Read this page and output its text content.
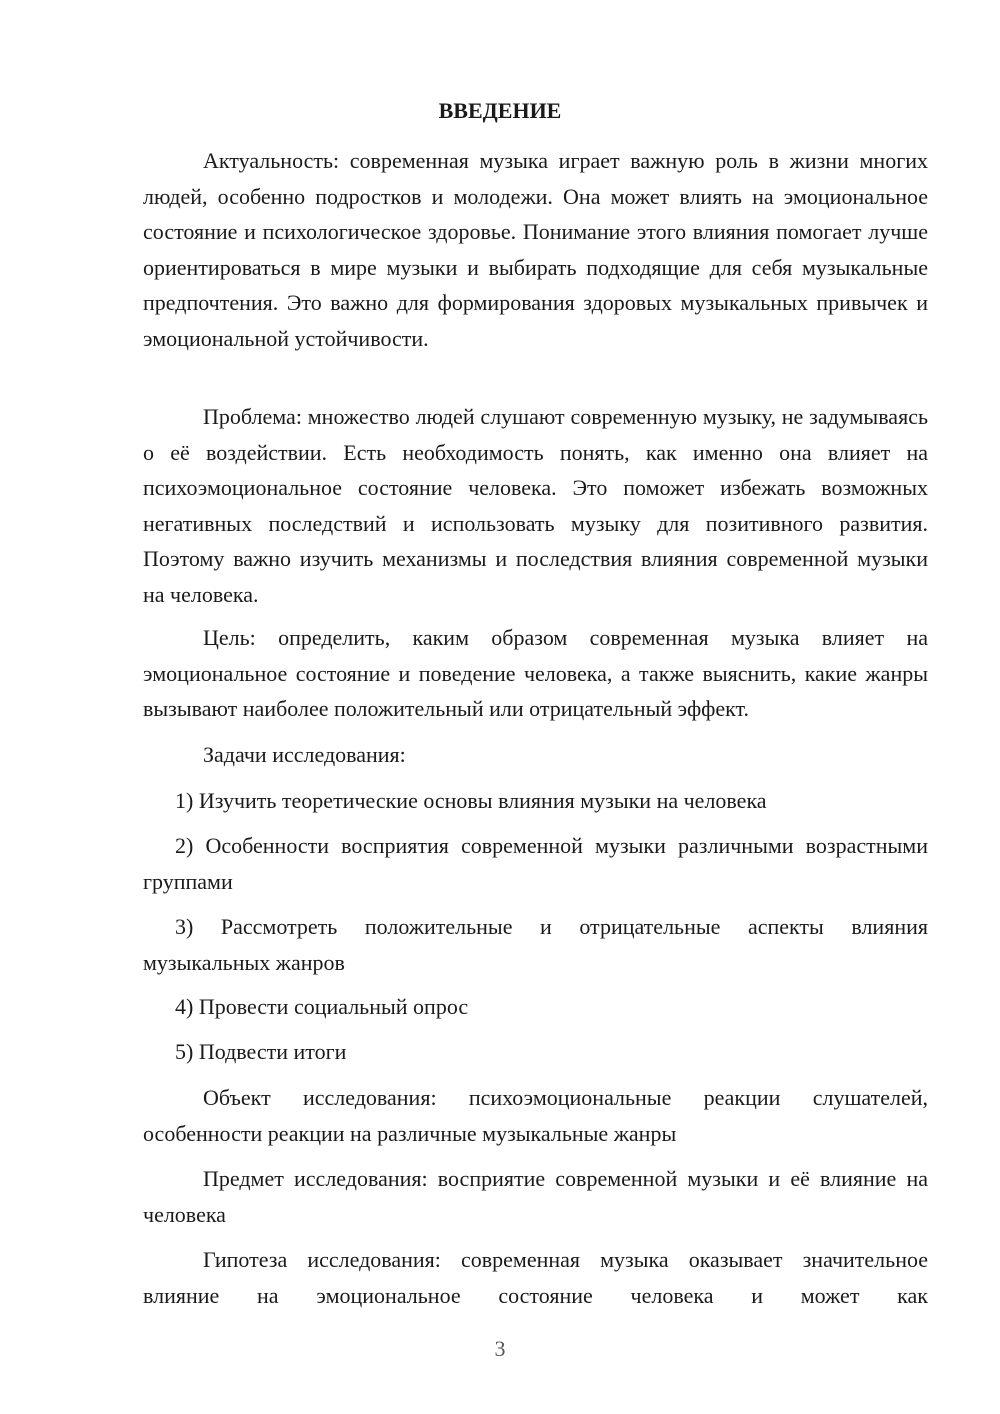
ВВЕДЕНИЕ

Актуальность: современная музыка играет важную роль в жизни многих людей, особенно подростков и молодежи. Она может влиять на эмоциональное состояние и психологическое здоровье. Понимание этого влияния помогает лучше ориентироваться в мире музыки и выбирать подходящие для себя музыкальные предпочтения. Это важно для формирования здоровых музыкальных привычек и эмоциональной устойчивости.

Проблема: множество людей слушают современную музыку, не задумываясь о её воздействии. Есть необходимость понять, как именно она влияет на психоэмоциональное состояние человека. Это поможет избежать возможных негативных последствий и использовать музыку для позитивного развития. Поэтому важно изучить механизмы и последствия влияния современной музыки на человека.

Цель: определить, каким образом современная музыка влияет на эмоциональное состояние и поведение человека, а также выяснить, какие жанры вызывают наиболее положительный или отрицательный эффект.

Задачи исследования:

1) Изучить теоретические основы влияния музыки на человека

2) Особенности восприятия современной музыки различными возрастными группами

3) Рассмотреть положительные и отрицательные аспекты влияния музыкальных жанров

4) Провести социальный опрос

5) Подвести итоги

Объект исследования: психоэмоциональные реакции слушателей, особенности реакции на различные музыкальные жанры

Предмет исследования: восприятие современной музыки и её влияние на человека

Гипотеза исследования: современная музыка оказывает значительное влияние на эмоциональное состояние человека и может как

3
